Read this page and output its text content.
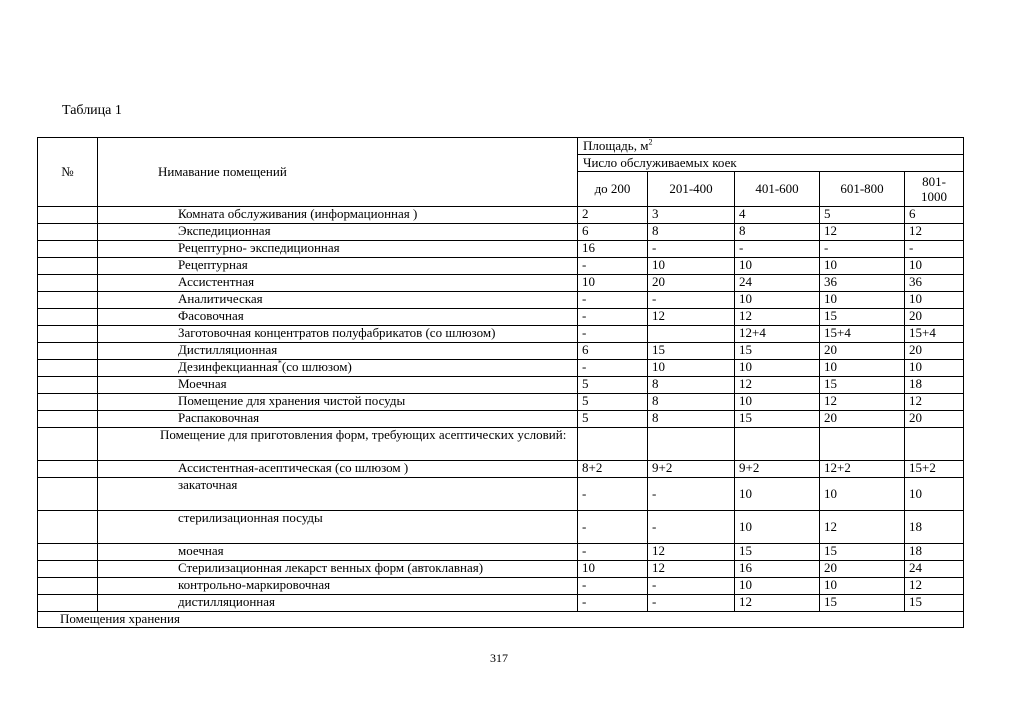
Таблица 1
№	Нимавание помещений	Площадь, $м^2$
		Число обслуживаемых коек				
		до 200	201-400	401-600	601-800	801-
1000
	Комната обслуживания (информационная )	2	3	4	5	6
	Экспедиционная	6	8	8	12	12
	Рецептурно- экспедиционная	16	-	-	-	-
	Рецептурная	-	10	10	10	10
	Ассистентная	10	20	24	36	36
	Аналитическая	-	-	10	10	10
	Фасовочная	-	12	12	15	20
	Заготовочная концентратов полуфабрикатов (со шлюзом)	-		12+4	15+4	15+4
	Дистилляционная	6	15	15	20	20
	Дезинфекцианная*(со шлюзом)	-	10	10	10	10
	Моечная	5	8	12	15	18
	Помещение для хранения чистой посуды	5	8	10	12	12
	Распаковочная	5	8	15	20	20
	Помещение для приготовления форм, требующих асептических условий:					
	Ассистентная-асептическая (со шлюзом )	8+2	9+2	9+2	12+2	15+2
	закаточная	-	-	10	10	10
	стерилизационная посуды	-	-	10	12	18
	моечная	-	12	15	15	18
	Стерилизационная лекарст венных форм (автоклавная)	10	12	16	20	24
	контрольно-маркировочная	-	-	10	10	12
	дистилляционная	-	-	12	15	15
Помещения хранения						
317
